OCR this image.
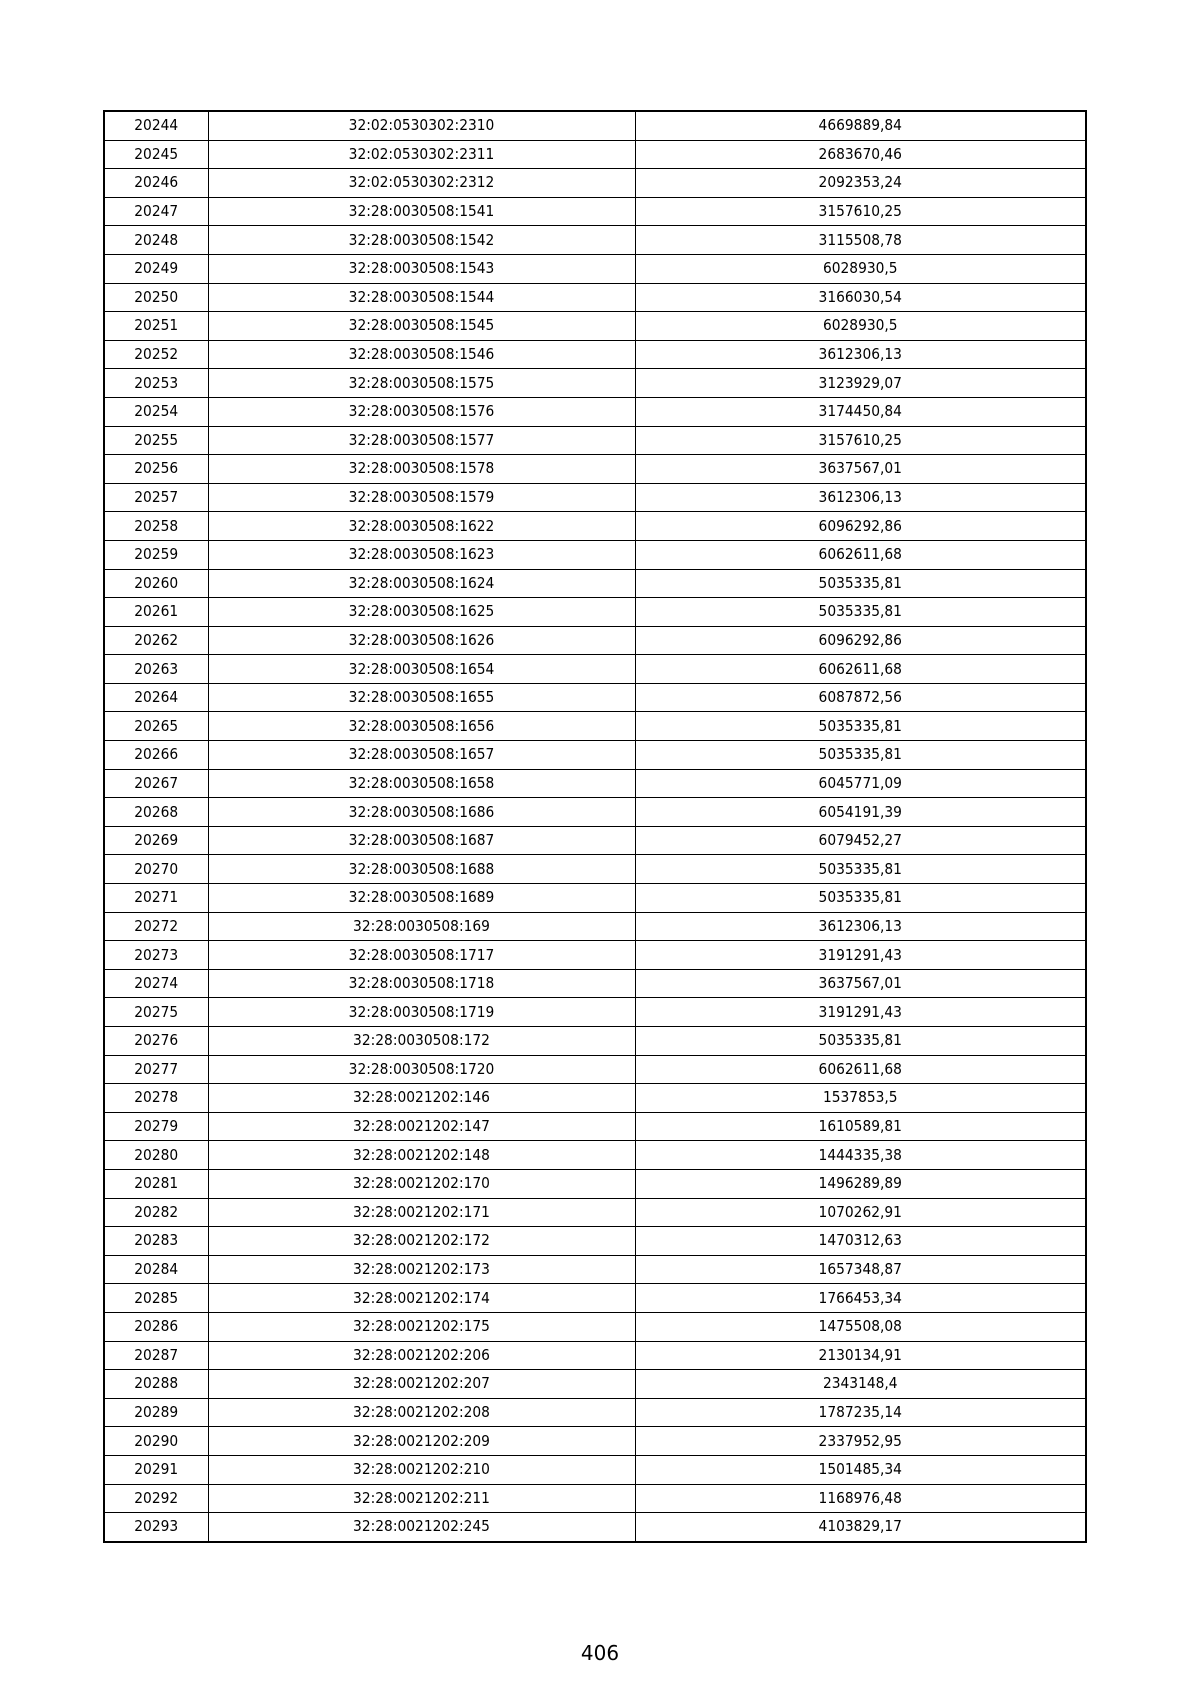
20244	32:02:0530302:2310	4669889,84
20245	32:02:0530302:2311	2683670,46
20246	32:02:0530302:2312	2092353,24
20247	32:28:0030508:1541	3157610,25
20248	32:28:0030508:1542	3115508,78
20249	32:28:0030508:1543	6028930,5
20250	32:28:0030508:1544	3166030,54
20251	32:28:0030508:1545	6028930,5
20252	32:28:0030508:1546	3612306,13
20253	32:28:0030508:1575	3123929,07
20254	32:28:0030508:1576	3174450,84
20255	32:28:0030508:1577	3157610,25
20256	32:28:0030508:1578	3637567,01
20257	32:28:0030508:1579	3612306,13
20258	32:28:0030508:1622	6096292,86
20259	32:28:0030508:1623	6062611,68
20260	32:28:0030508:1624	5035335,81
20261	32:28:0030508:1625	5035335,81
20262	32:28:0030508:1626	6096292,86
20263	32:28:0030508:1654	6062611,68
20264	32:28:0030508:1655	6087872,56
20265	32:28:0030508:1656	5035335,81
20266	32:28:0030508:1657	5035335,81
20267	32:28:0030508:1658	6045771,09
20268	32:28:0030508:1686	6054191,39
20269	32:28:0030508:1687	6079452,27
20270	32:28:0030508:1688	5035335,81
20271	32:28:0030508:1689	5035335,81
20272	32:28:0030508:169	3612306,13
20273	32:28:0030508:1717	3191291,43
20274	32:28:0030508:1718	3637567,01
20275	32:28:0030508:1719	3191291,43
20276	32:28:0030508:172	5035335,81
20277	32:28:0030508:1720	6062611,68
20278	32:28:0021202:146	1537853,5
20279	32:28:0021202:147	1610589,81
20280	32:28:0021202:148	1444335,38
20281	32:28:0021202:170	1496289,89
20282	32:28:0021202:171	1070262,91
20283	32:28:0021202:172	1470312,63
20284	32:28:0021202:173	1657348,87
20285	32:28:0021202:174	1766453,34
20286	32:28:0021202:175	1475508,08
20287	32:28:0021202:206	2130134,91
20288	32:28:0021202:207	2343148,4
20289	32:28:0021202:208	1787235,14
20290	32:28:0021202:209	2337952,95
20291	32:28:0021202:210	1501485,34
20292	32:28:0021202:211	1168976,48
20293	32:28:0021202:245	4103829,17
406
